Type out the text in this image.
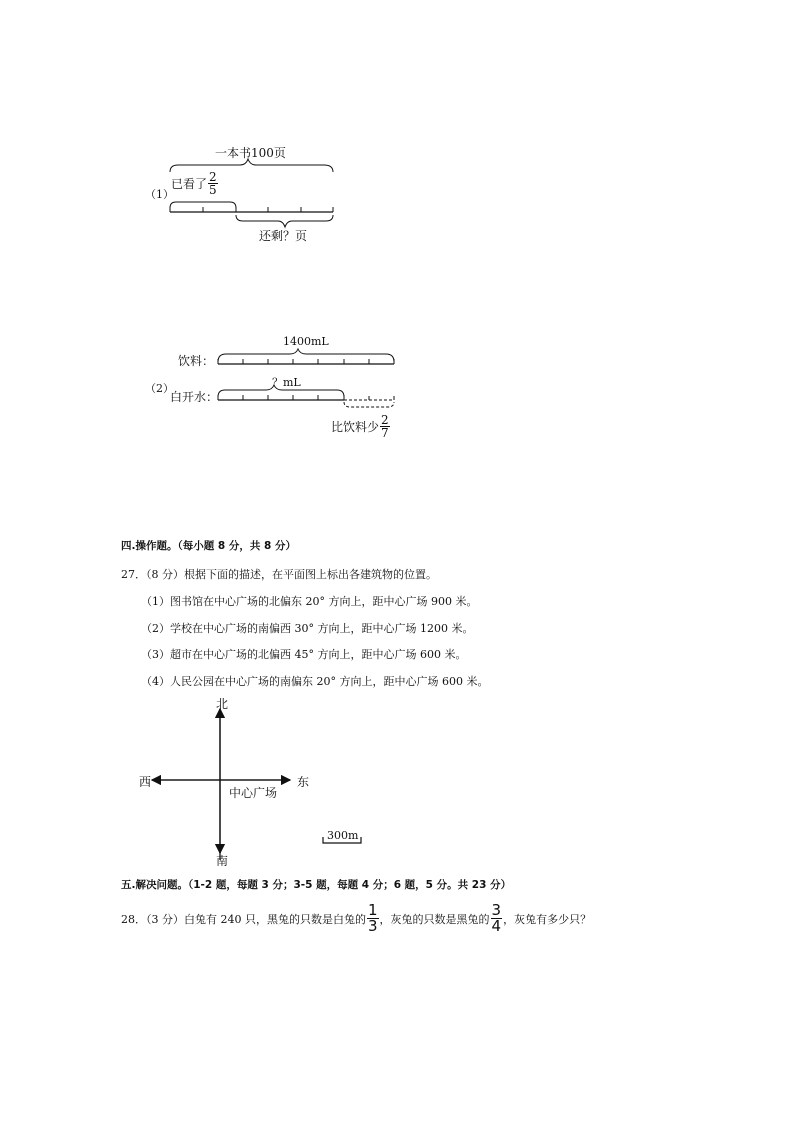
（1）
一本书100页
已看了 $\frac{2}{5}$
还剩？页
1400mL
饮料：
（2）	？mL
白开水：
比饮料少 $\frac{2}{7}$
四.操作题。（每小题 8 分，共 8 分）
27．（8 分）根据下面的描述，在平面图上标出各建筑物的位置。
（1）图书馆在中心广场的北偏东 20° 方向上，距中心广场 900 米。
（2）学校在中心广场的南偏西 30° 方向上，距中心广场 1200 米。
（3）超市在中心广场的北偏西 45° 方向上，距中心广场 600 米。
（4）人民公园在中心广场的南偏东 20° 方向上，距中心广场 600 米。
北
南
西	东
中心广场
300m
五.解决问题。（1-2 题，每题 3 分；3-5 题，每题 4 分；6 题，5 分。共 23 分）
28．（3 分）白兔有 240 只，黑兔的只数是白兔的 $\frac{1}{3}$ ，灰兔的只数是黑兔的 $\frac{3}{4}$ ，灰兔有多少只？
